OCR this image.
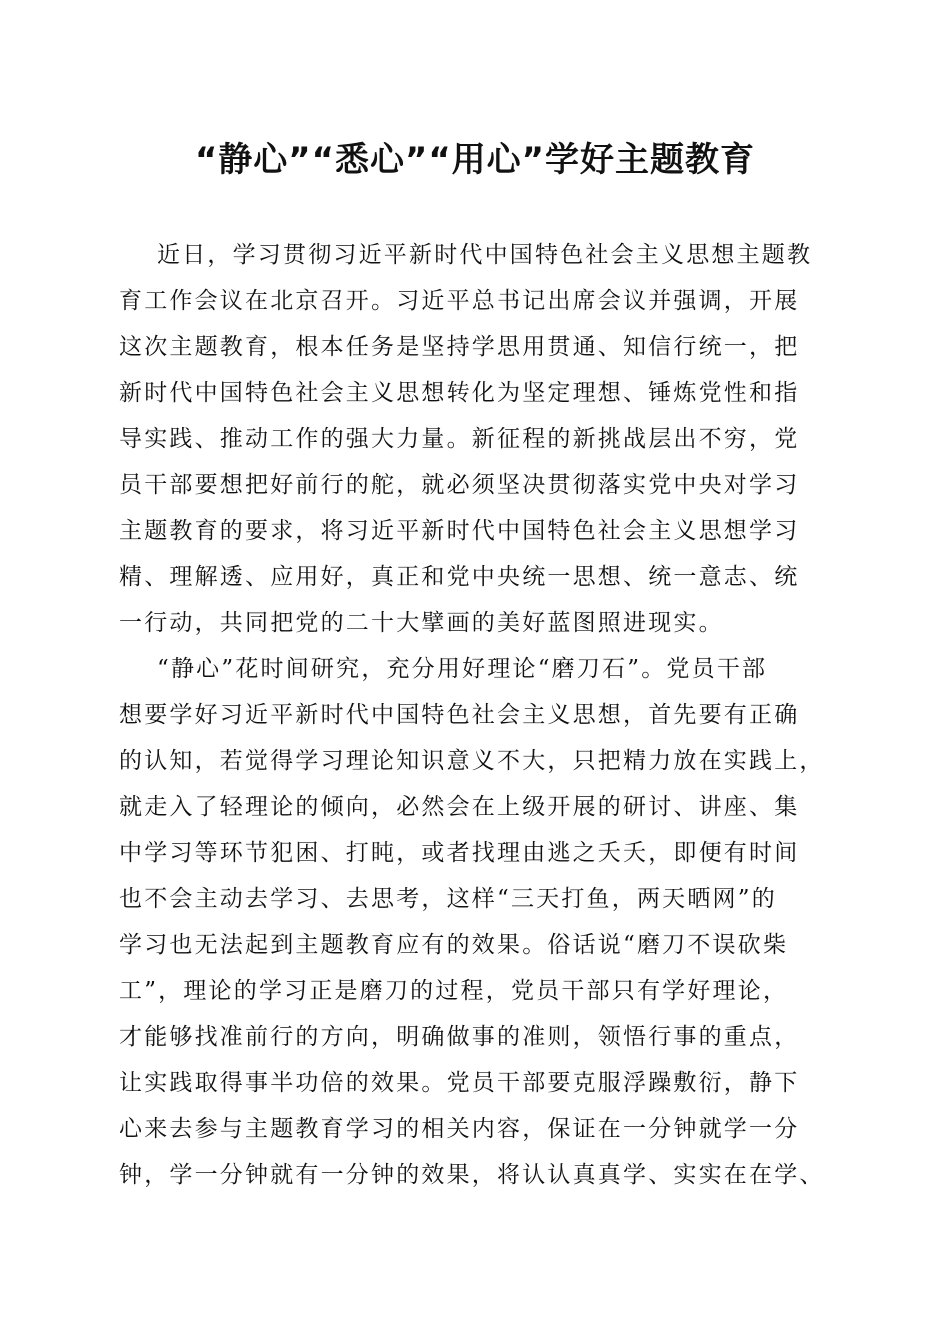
“静心”“悉心”“用心”学好主题教育
近日，学习贯彻习近平新时代中国特色社会主义思想主题教
育工作会议在北京召开。习近平总书记出席会议并强调，开展
这次主题教育，根本任务是坚持学思用贯通、知信行统一，把
新时代中国特色社会主义思想转化为坚定理想、锤炼党性和指
导实践、推动工作的强大力量。新征程的新挑战层出不穷，党
员干部要想把好前行的舵，就必须坚决贯彻落实党中央对学习
主题教育的要求，将习近平新时代中国特色社会主义思想学习
精、理解透、应用好，真正和党中央统一思想、统一意志、统
一行动，共同把党的二十大擘画的美好蓝图照进现实。
“静心”花时间研究，充分用好理论“磨刀石”。党员干部
想要学好习近平新时代中国特色社会主义思想，首先要有正确
的认知，若觉得学习理论知识意义不大，只把精力放在实践上，
就走入了轻理论的倾向，必然会在上级开展的研讨、讲座、集
中学习等环节犯困、打盹，或者找理由逃之夭夭，即便有时间
也不会主动去学习、去思考，这样“三天打鱼，两天晒网”的
学习也无法起到主题教育应有的效果。俗话说“磨刀不误砍柴
工”，理论的学习正是磨刀的过程，党员干部只有学好理论，
才能够找准前行的方向，明确做事的准则，领悟行事的重点，
让实践取得事半功倍的效果。党员干部要克服浮躁敷衍，静下
心来去参与主题教育学习的相关内容，保证在一分钟就学一分
钟，学一分钟就有一分钟的效果，将认认真真学、实实在在学、
